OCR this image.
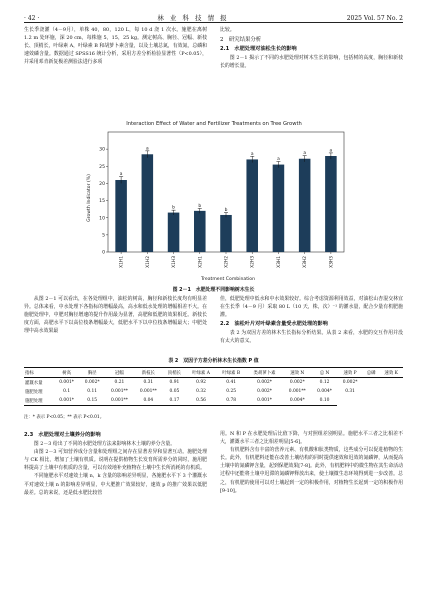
· 42 ·	林 业 科 技 情 报	2025 Vol. 57 No. 2

生长季浇灌（4－9月），单株 40，80，120 L，每 10 d 浇 1 次水。施肥在离树 1.2 m 处环施，深 20 cm，每株施 5，15，25 kg。测定树高、胸径、冠幅、新枝长、顶梢长，叶绿素 A，叶绿素 B 和胡萝卜素含量，以及土壤总氮，有效氮，总磷和速效磷含量。数据通过 SPSS16 统计分析，采用方差分析检验显著性（P<0.05），并采用邓肯新复极差测验法进行多项

比较。

2　研究结果分析

2.1　水肥处理对油松生长的影响

图 2－1 揭示了不同的水肥处理对树木生长的影响，包括树的高度，胸径和新枝长的增长量。

Interaction Effect of Water and Fertilizer Treatments on Tree Growth
Growth Indicator (%)
Treatment Combination
0
5
10
15
20
25
30
a
X1H1
a
X1H2
b
X1H3
b
X2H1
b
X2H2
a
X2H3
a
X3H1
a
X3H2
a
X3H3
图 2－1　水肥处理不同影响树木生长

从图 2－1 可以看出，在各处理组中，油松的树高，胸径和新枝长度均有明显差异。总体来看，中水处理下各指标的增幅最高，高水和低水处理的增幅相差不大。在施肥处理中，中肥对胸径增速的提升作用最为显著，高肥和低肥的效果相近。新枝长度方面，高肥水平下以高位枝条增幅最大，低肥水平下以中位枝条增幅最大；中肥处理中高水效果最

佳，低肥处理中低水和中水效果较好。综合考虑资源利用效益，对油松山杏混交林宜在生长季（4－9 月）采取 80 L（10 天，株，次）⁻¹ 的灌水量，配合少量有机肥施灌。

2.2　油松叶片对叶绿素含量受水肥处理的影响

表 2 为双因方差的林木生长指标分析结果。从表 2 来看，水肥的交互作用并没有太大的意义。

表 2　双因子方差分析林木生长指数 P 值
指标	树高	胸径	冠幅	新枝长	顶梢长	叶绿素 A	叶绿素 B	类胡萝卜素	速效 N	总 N	速效 P	总磷	速效 K
灌溉水量	0.001*	0.002*	0.21	0.31	0.91	0.92	0.41	0.002*	0.002*	0.12	0.002*		
施肥处理	0.1	0.11	0.001**	0.001**	0.05	0.32	0.25	0.002*	0.001**	0.004*	0.31		
施肥处理	0.001*	0.15	0.001**	0.04	0.17	0.56	0.78	0.001*	0.004*	0.10			
注：* 表示 P<0.05；** 表示 P<0.01。

2.3　水肥处理对土壤养分的影响

图 2－3 给出了不同的水肥处理方法来影响林木土壤的养分含量。

由图 2－3 可知营养成分含量和处理组之间存在显著差异和显著互动。施肥处理与 CK 相比，增加了土壤有机质。说明在提供植物生长发育所需养分的同时，施用肥料提高了土壤中有机质的含量，可以有效地补充植物在土壤中生长所消耗的有机质。

不同施肥水平对速效土壤 n，k 含量的影响差异明显，各施肥水平下 3 个灌溉水平对速效土壤 n 的影响差异明显，中大肥推广效果较好，速效 p 的推广效果以低肥最差。总的来说，还是低水肥比较管

用。N 和 P 在水肥处理后比值下降，与对照组差别明显。施肥水平三者之比相差不大，灌溉水平三者之比相差明显[5-6]。

有机肥料含有丰富的营养元素、有机酸和肽类物质，这些成分可以促进植物的生长。此外，有机肥料还能在改善土壤结构的同时提供速效和迟效的氮磷钾，从而提高土壤中的氮磷钾含量，起到保肥效果[7-8]。此外，有机肥料中的微生物在其生命活动过程中还能将土壤中迟滞的氮磷钾释放出来，使土壤微生态环境得到进一步改善。总之，有机肥的使用可以对土壤起到一定的积极作用，对植物生长起到一定的积极作用[9-10]。
